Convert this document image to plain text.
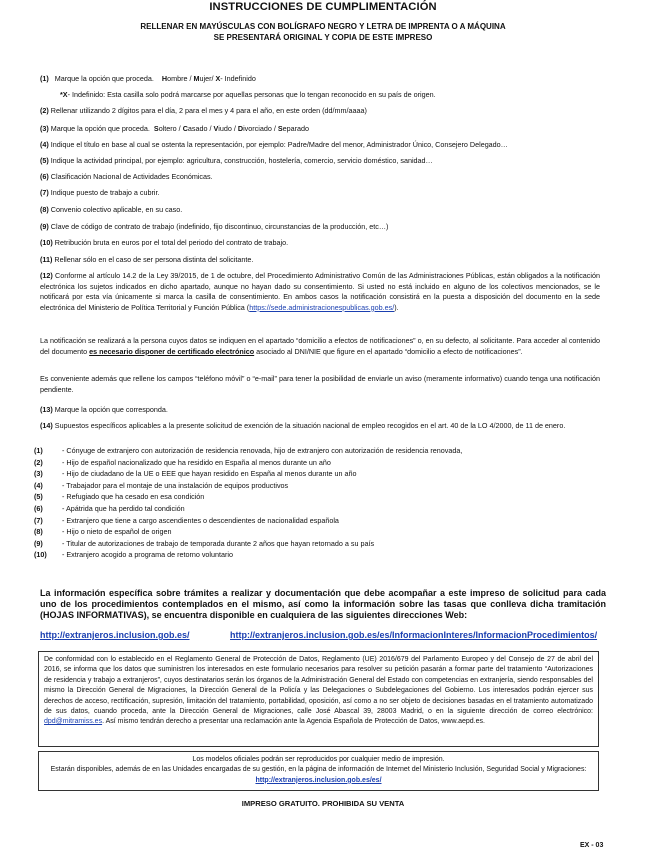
INSTRUCCIONES DE CUMPLIMENTACIÓN
RELLENAR EN MAYÚSCULAS CON BOLÍGRAFO NEGRO Y LETRA DE IMPRENTA O A MÁQUINA
SE PRESENTARÁ ORIGINAL Y COPIA DE ESTE IMPRESO
(1) Marque la opción que proceda. Hombre / Mujer/ X- Indefinido
*X- Indefinido: Esta casilla solo podrá marcarse por aquellas personas que lo tengan reconocido en su país de origen.
(2) Rellenar utilizando 2 dígitos para el día, 2 para el mes y 4 para el año, en este orden (dd/mm/aaaa)
(3) Marque la opción que proceda. Soltero / Casado / Viudo / Divorciado / Separado
(4) Indique el título en base al cual se ostenta la representación, por ejemplo: Padre/Madre del menor, Administrador Único, Consejero Delegado…
(5) Indique la actividad principal, por ejemplo: agricultura, construcción, hostelería, comercio, servicio doméstico, sanidad…
(6) Clasificación Nacional de Actividades Económicas.
(7) Indique puesto de trabajo a cubrir.
(8) Convenio colectivo aplicable, en su caso.
(9) Clave de código de contrato de trabajo (indefinido, fijo discontinuo, circunstancias de la producción, etc…)
(10) Retribución bruta en euros por el total del periodo del contrato de trabajo.
(11) Rellenar sólo en el caso de ser persona distinta del solicitante.
(12) Conforme al artículo 14.2 de la Ley 39/2015, de 1 de octubre, del Procedimiento Administrativo Común de las Administraciones Públicas, están obligados a la notificación electrónica los sujetos indicados en dicho apartado, aunque no hayan dado su consentimiento. Si usted no está incluido en alguno de los colectivos mencionados, se le notificará por esta vía únicamente si marca la casilla de consentimiento. En ambos casos la notificación consistirá en la puesta a disposición del documento en la sede electrónica del Ministerio de Política Territorial y Función Pública (https://sede.administracionespublicas.gob.es/).
La notificación se realizará a la persona cuyos datos se indiquen en el apartado “domicilio a efectos de notificaciones” o, en su defecto, al solicitante. Para acceder al contenido del documento es necesario disponer de certificado electrónico asociado al DNI/NIE que figure en el apartado “domicilio a efecto de notificaciones”.
Es conveniente además que rellene los campos “teléfono móvil” o “e-mail” para tener la posibilidad de enviarle un aviso (meramente informativo) cuando tenga una notificación pendiente.
(13) Marque la opción que corresponda.
(14) Supuestos específicos aplicables a la presente solicitud de exención de la situación nacional de empleo recogidos en el art. 40 de la LO 4/2000, de 11 de enero.
(1)	- Cónyuge de extranjero con autorización de residencia renovada, hijo de extranjero con autorización de residencia renovada,
(2)	- Hijo de español nacionalizado que ha residido en España al menos durante un año
(3)	- Hijo de ciudadano de la UE o EEE que hayan residido en España al menos durante un año
(4)	- Trabajador para el montaje de una instalación de equipos productivos
(5)	- Refugiado que ha cesado en esa condición
(6)	- Apátrida que ha perdido tal condición
(7)	- Extranjero que tiene a cargo ascendientes o descendientes de nacionalidad española
(8)	- Hijo o nieto de español de origen
(9)	- Titular de autorizaciones de trabajo de temporada durante 2 años que hayan retornado a su país
(10)	- Extranjero acogido a programa de retorno voluntario
La información específica sobre trámites a realizar y documentación que debe acompañar a este impreso de solicitud para cada uno de los procedimientos contemplados en el mismo, así como la información sobre las tasas que conlleva dicha tramitación (HOJAS INFORMATIVAS), se encuentra disponible en cualquiera de las siguientes direcciones Web:
http://extranjeros.inclusion.gob.es/	http://extranjeros.inclusion.gob.es/es/InformacionInteres/InformacionProcedimientos/
De conformidad con lo establecido en el Reglamento General de Protección de Datos, Reglamento (UE) 2016/679 del Parlamento Europeo y del Consejo de 27 de abril del 2016, se informa que los datos que suministren los interesados en este formulario necesarios para resolver su petición pasarán a formar parte del tratamiento “Autorizaciones de residencia y trabajo a extranjeros”, cuyos destinatarios serán los órganos de la Administración General del Estado con competencias en extranjería, siendo responsables del mismo la Dirección General de Migraciones, la Dirección General de la Policía y las Delegaciones o Subdelegaciones del Gobierno. Los interesados podrán ejercer sus derechos de acceso, rectificación, supresión, limitación del tratamiento, portabilidad, oposición, así como a no ser objeto de decisiones basadas en el tratamiento automatizado de sus datos, cuando proceda, ante la Dirección General de Migraciones, calle José Abascal 39, 28003 Madrid, o en la siguiente dirección de correo electrónico: dpd@mitramiss.es. Así mismo tendrán derecho a presentar una reclamación ante la Agencia Española de Protección de Datos, www.aepd.es.
Los modelos oficiales podrán ser reproducidos por cualquier medio de impresión.
Estarán disponibles, además de en las Unidades encargadas de su gestión, en la página de información de Internet del Ministerio Inclusión, Seguridad Social y Migraciones: http://extranjeros.inclusion.gob.es/es/
IMPRESO GRATUITO. PROHIBIDA SU VENTA
EX - 03
